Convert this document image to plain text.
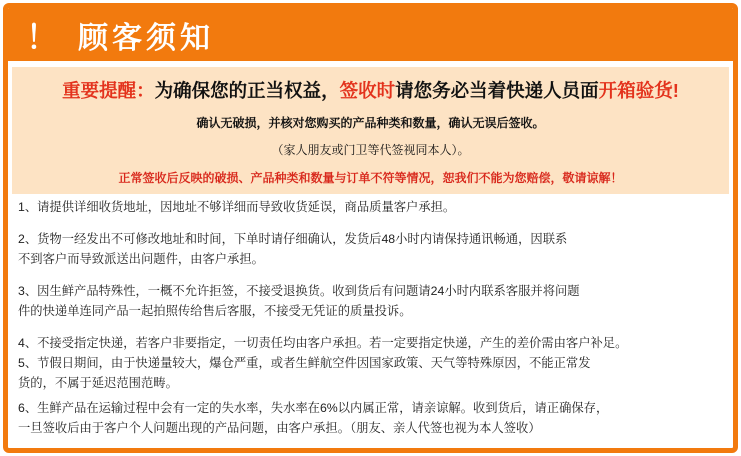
！ 顾客须知
重要提醒：为确保您的正当权益，签收时请您务必当着快递人员面开箱验货!
确认无破损，并核对您购买的产品种类和数量，确认无误后签收。
（家人朋友或门卫等代签视同本人）。
正常签收后反映的破损、产品种类和数量与订单不符等情况，恕我们不能为您赔偿，敬请谅解！
1、请提供详细收货地址，因地址不够详细而导致收货延误，商品质量客户承担。
2、货物一经发出不可修改地址和时间，下单时请仔细确认，发货后48小时内请保持通讯畅通，因联系
不到客户而导致派送出问题件，由客户承担。
3、因生鲜产品特殊性，一概不允许拒签，不接受退换货。收到货后有问题请24小时内联系客服并将问题
件的快递单连同产品一起拍照传给售后客服，不接受无凭证的质量投诉。
4、不接受指定快递，若客户非要指定，一切责任均由客户承担。若一定要指定快递，产生的差价需由客户补足。
5、节假日期间，由于快递量较大，爆仓严重，或者生鲜航空件因国家政策、天气等特殊原因，不能正常发
货的，不属于延迟范围范畴。
6、生鲜产品在运输过程中会有一定的失水率，失水率在6%以内属正常，请亲谅解。收到货后，请正确保存，
一旦签收后由于客户个人问题出现的产品问题，由客户承担。（朋友、亲人代签也视为本人签收）
